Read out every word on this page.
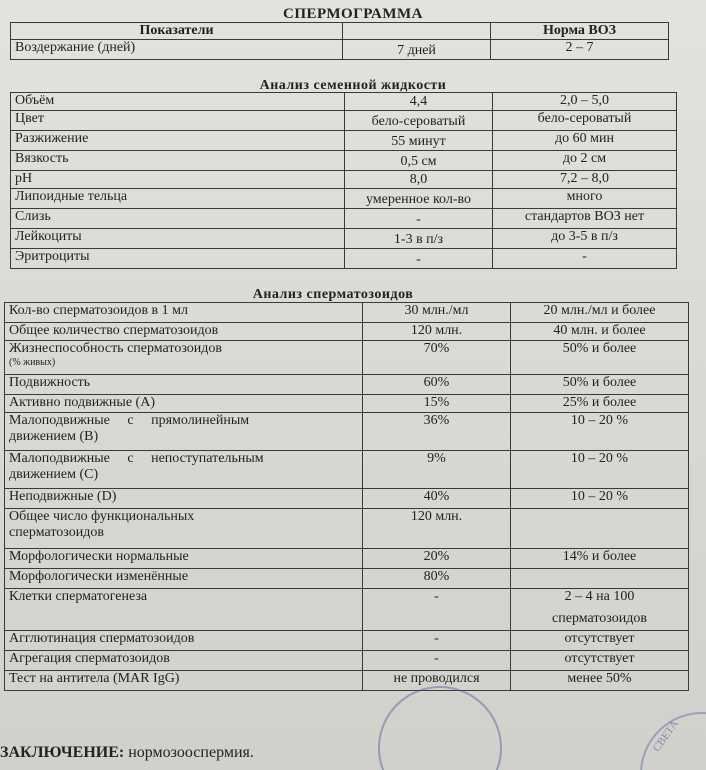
СПЕРМОГРАММА
Показатели		Норма ВОЗ
Воздержание (дней)	7 дней	2 – 7
Анализ семенной жидкости
Объём	4,4	2,0 – 5,0
Цвет	бело-сероватый	бело-сероватый
Разжижение	55 минут	до 60 мин
Вязкость	0,5 см	до 2 см
pH	8,0	7,2 – 8,0
Липоидные тельца	умеренное кол-во	много
Слизь	-	стандартов ВОЗ нет
Лейкоциты	1-3 в п/з	до 3-5 в п/з
Эритроциты	-	-
Анализ сперматозоидов
Кол-во сперматозоидов в 1 мл	30 млн./мл	20 млн./мл и более

Общее количество сперматозоидов	120 млн.	40 млн. и более

Жизнеспособность сперматозоидов
(% живых)	70%	50% и более

Подвижность	60%	50% и более

Активно подвижные (А)	15%	25% и более

Малоподвижные     с     прямолинейным
движением (В)	36%	10 – 20 %

Малоподвижные     с     непоступательным
движением (С)	9%	10 – 20 %

Неподвижные (D)	40%	10 – 20 %

Общее число функциональных
сперматозоидов	120 млн.	

Морфологически нормальные	20%	14% и более

Морфологически изменённые	80%	

Клетки сперматогенеза	-	2 – 4 на 100
сперматозоидов

Агглютинация сперматозоидов	-	отсутствует

Агрегация сперматозоидов	-	отсутствует

Тест на антитела (MAR IgG)	не проводился	менее 50%
ЗАКЛЮЧЕНИЕ: нормозооспермия.	СВЕТА
